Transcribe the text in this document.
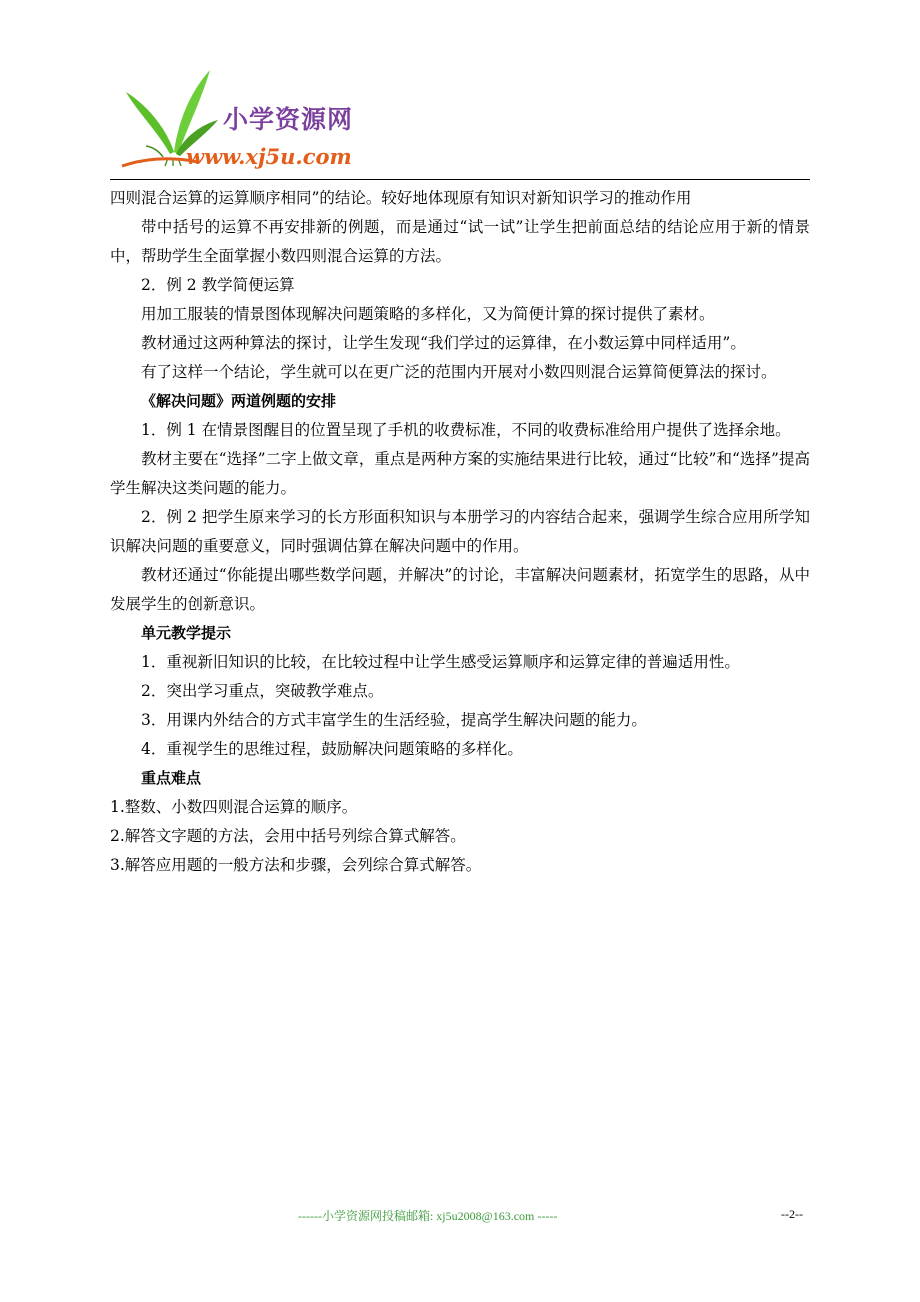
小学资源网
www.xj5u.com

四则混合运算的运算顺序相同”的结论。较好地体现原有知识对新知识学习的推动作用

带中括号的运算不再安排新的例题，而是通过“试一试”让学生把前面总结的结论应用于新的情景中，帮助学生全面掌握小数四则混合运算的方法。

2．例 2 教学简便运算

用加工服装的情景图体现解决问题策略的多样化，又为简便计算的探讨提供了素材。

教材通过这两种算法的探讨，让学生发现“我们学过的运算律，在小数运算中同样适用”。

有了这样一个结论，学生就可以在更广泛的范围内开展对小数四则混合运算简便算法的探讨。

《解决问题》两道例题的安排

1．例 1 在情景图醒目的位置呈现了手机的收费标准，不同的收费标准给用户提供了选择余地。

教材主要在“选择”二字上做文章，重点是两种方案的实施结果进行比较，通过“比较”和“选择”提高学生解决这类问题的能力。

2．例 2 把学生原来学习的长方形面积知识与本册学习的内容结合起来，强调学生综合应用所学知识解决问题的重要意义，同时强调估算在解决问题中的作用。

教材还通过“你能提出哪些数学问题，并解决”的讨论，丰富解决问题素材，拓宽学生的思路，从中发展学生的创新意识。

单元教学提示

1．重视新旧知识的比较，在比较过程中让学生感受运算顺序和运算定律的普遍适用性。

2．突出学习重点，突破教学难点。

3．用课内外结合的方式丰富学生的生活经验，提高学生解决问题的能力。

4．重视学生的思维过程，鼓励解决问题策略的多样化。

重点难点

1.整数、小数四则混合运算的顺序。

2.解答文字题的方法，会用中括号列综合算式解答。

3.解答应用题的一般方法和步骤，会列综合算式解答。

------小学资源网投稿邮箱: xj5u2008@163.com -----	--2--
